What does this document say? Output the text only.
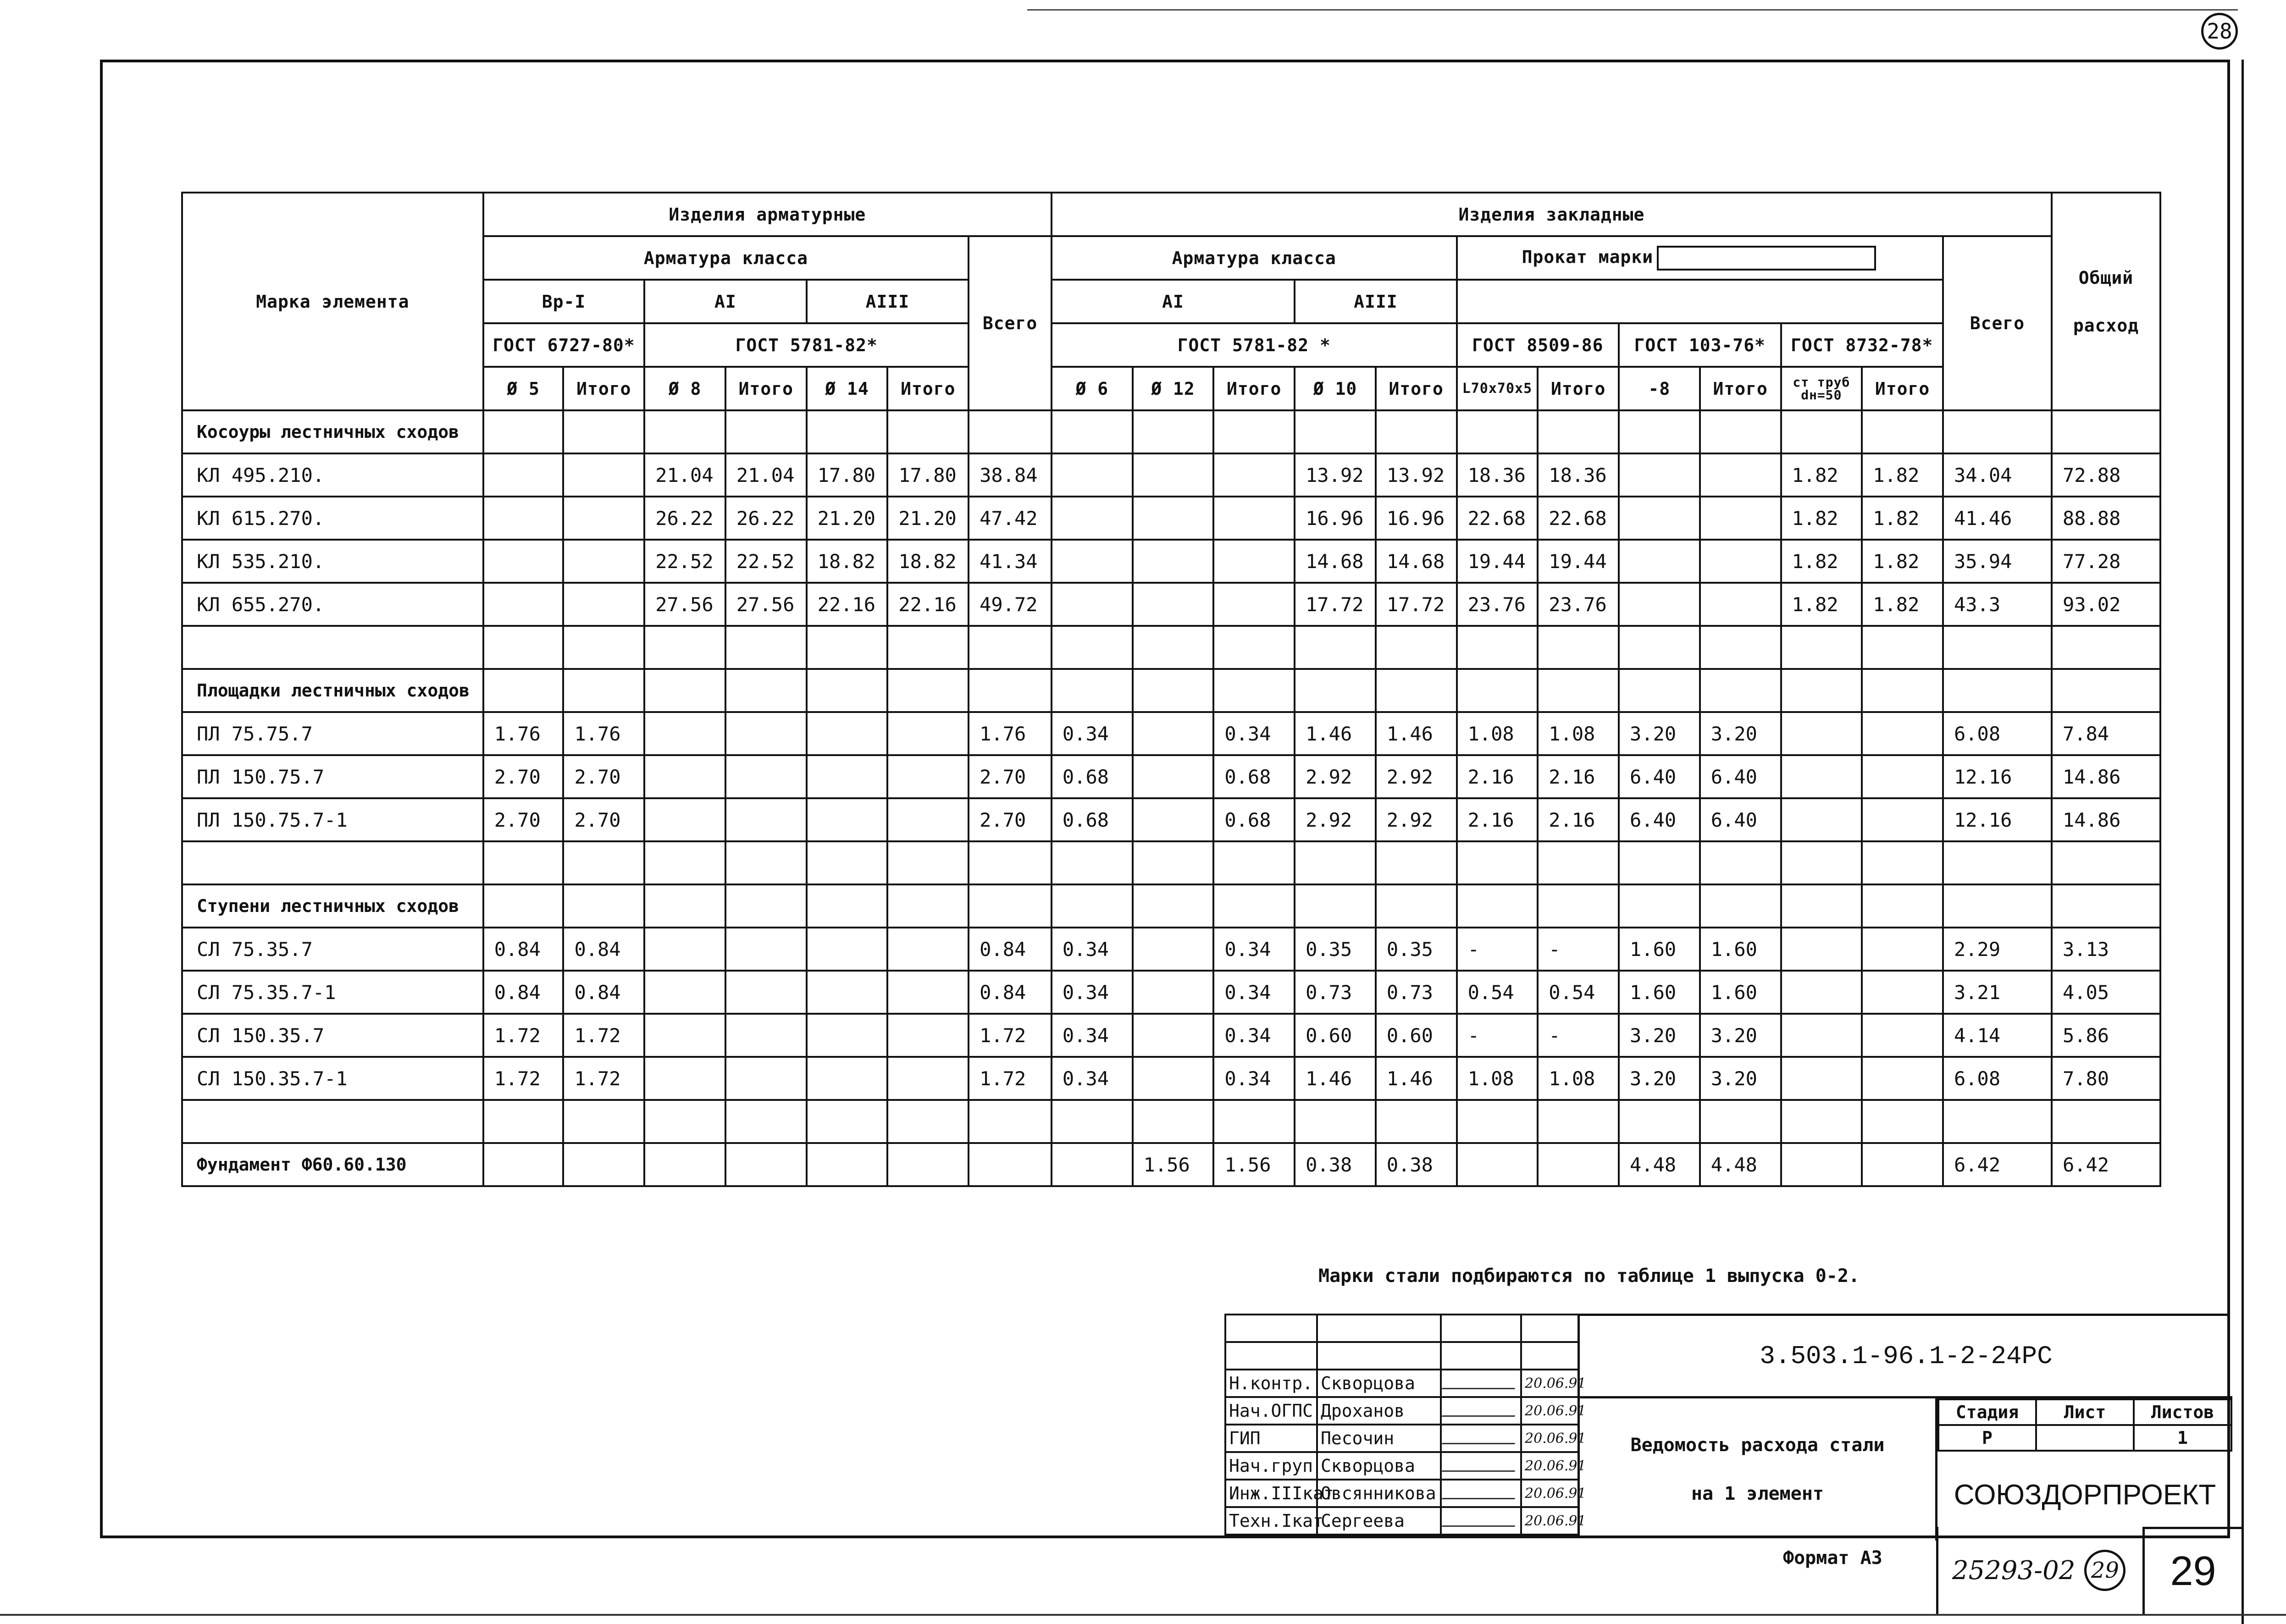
28
Марка элемента	Изделия арматурные							Изделия закладные												Общий
расход

	Арматура класса						Всего	Арматура класса					Прокат марки						Всего	
	Вр-I		AI		AIII			AI			AIII									
	ГОСТ 6727-80*		ГОСТ 5781-82*					ГОСТ 5781-82 *					ГОСТ 8509-86		ГОСТ 103-76*		ГОСТ 8732-78*			
	Ø 5	Итого	Ø 8	Итого	Ø 14	Итого		Ø 6	Ø 12	Итого	Ø 10	Итого	L70x70x5	Итого	-8	Итого	ст труб dн=50	Итого		
Косоуры лестничных сходов																				
КЛ 495.210.			21.04	21.04	17.80	17.80	38.84				13.92	13.92	18.36	18.36			1.82	1.82	34.04	72.88
КЛ 615.270.			26.22	26.22	21.20	21.20	47.42				16.96	16.96	22.68	22.68			1.82	1.82	41.46	88.88
КЛ 535.210.			22.52	22.52	18.82	18.82	41.34				14.68	14.68	19.44	19.44			1.82	1.82	35.94	77.28
КЛ 655.270.			27.56	27.56	22.16	22.16	49.72				17.72	17.72	23.76	23.76			1.82	1.82	43.3	93.02

Площадки лестничных сходов																				
ПЛ 75.75.7	1.76	1.76					1.76	0.34		0.34	1.46	1.46	1.08	1.08	3.20	3.20			6.08	7.84
ПЛ 150.75.7	2.70	2.70					2.70	0.68		0.68	2.92	2.92	2.16	2.16	6.40	6.40			12.16	14.86
ПЛ 150.75.7-1	2.70	2.70					2.70	0.68		0.68	2.92	2.92	2.16	2.16	6.40	6.40			12.16	14.86

Ступени лестничных сходов																				
СЛ 75.35.7	0.84	0.84					0.84	0.34		0.34	0.35	0.35	-	-	1.60	1.60			2.29	3.13
СЛ 75.35.7-1	0.84	0.84					0.84	0.34		0.34	0.73	0.73	0.54	0.54	1.60	1.60			3.21	4.05
СЛ 150.35.7	1.72	1.72					1.72	0.34		0.34	0.60	0.60	-	-	3.20	3.20			4.14	5.86
СЛ 150.35.7-1	1.72	1.72					1.72	0.34		0.34	1.46	1.46	1.08	1.08	3.20	3.20			6.08	7.80

Фундамент Ф60.60.130									1.56	1.56	0.38	0.38			4.48	4.48			6.42	6.42
Марки стали подбираются по таблице 1 выпуска 0-2.

Н.контр.	Скворцова		20.06.91
Нач.ОГПС	Дроханов		20.06.91
ГИП	Песочин		20.06.91
Нач.груп	Скворцова		20.06.91
Инж.IIIкат	Овсянникова		20.06.91
Техн.Iкат.	Сергеева		20.06.91
3.503.1-96.1-2-24РС
Ведомость расхода стали
на 1 элемент
Стадия	Лист	Листов
Р		1
СОЮЗДОРПРОЕКТ
Формат А3	25293-02 29	29
